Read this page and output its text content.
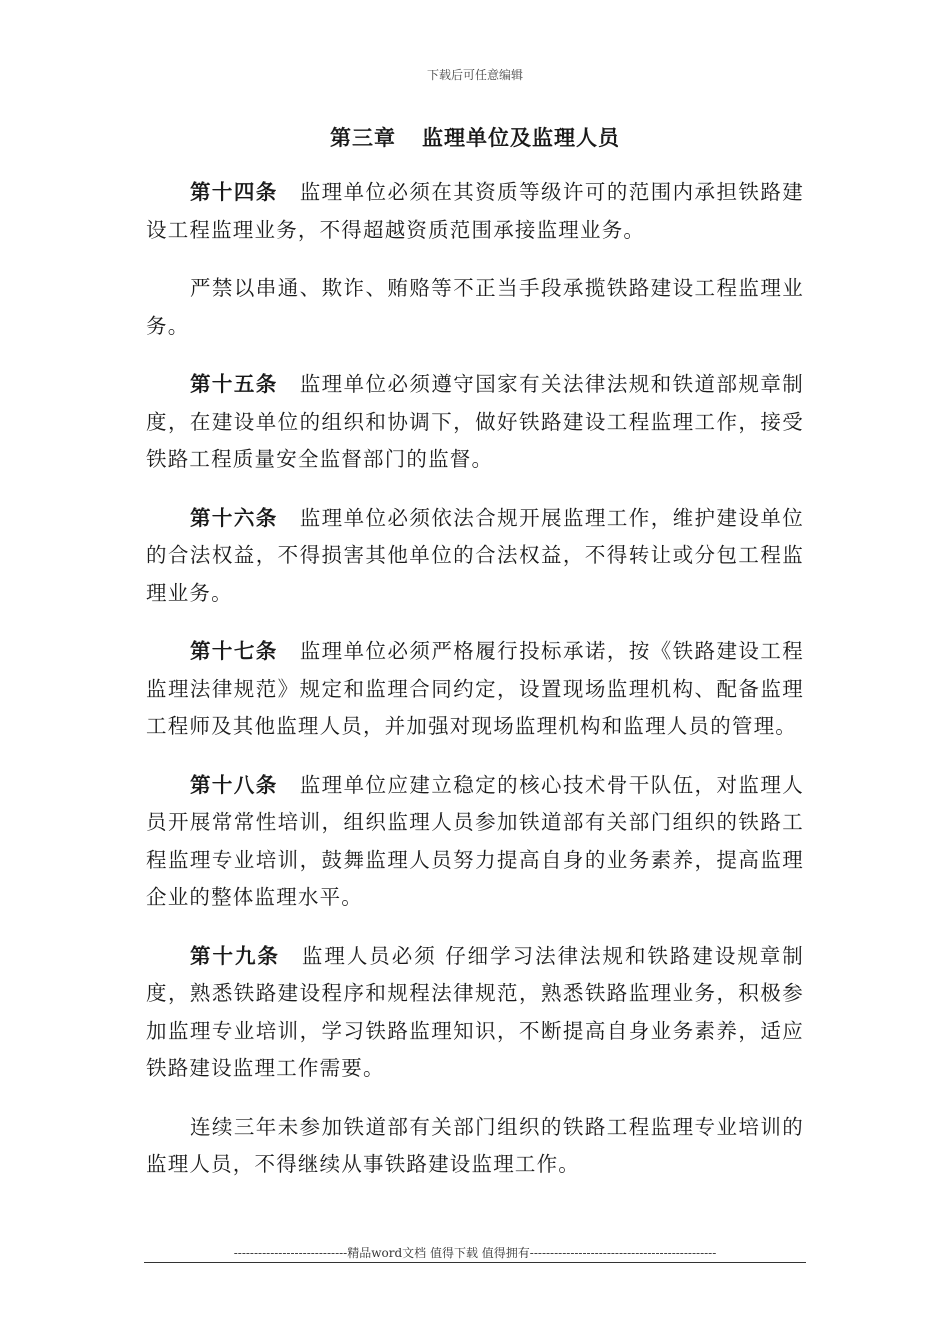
下载后可任意编辑
第三章 监理单位及监理人员

第十四条 监理单位必须在其资质等级许可的范围内承担铁路建设工程监理业务，不得超越资质范围承接监理业务。

严禁以串通、欺诈、贿赂等不正当手段承揽铁路建设工程监理业务。

第十五条 监理单位必须遵守国家有关法律法规和铁道部规章制度，在建设单位的组织和协调下，做好铁路建设工程监理工作，接受铁路工程质量安全监督部门的监督。

第十六条 监理单位必须依法合规开展监理工作，维护建设单位的合法权益，不得损害其他单位的合法权益，不得转让或分包工程监理业务。

第十七条 监理单位必须严格履行投标承诺，按《铁路建设工程监理法律规范》规定和监理合同约定，设置现场监理机构、配备监理工程师及其他监理人员，并加强对现场监理机构和监理人员的管理。

第十八条 监理单位应建立稳定的核心技术骨干队伍，对监理人员开展常常性培训，组织监理人员参加铁道部有关部门组织的铁路工程监理专业培训，鼓舞监理人员努力提高自身的业务素养，提高监理企业的整体监理水平。

第十九条 监理人员必须 仔细学习法律法规和铁路建设规章制度，熟悉铁路建设程序和规程法律规范，熟悉铁路监理业务，积极参加监理专业培训，学习铁路监理知识，不断提高自身业务素养，适应铁路建设监理工作需要。

连续三年未参加铁道部有关部门组织的铁路工程监理专业培训的监理人员，不得继续从事铁路建设监理工作。

----------------------------精品word文档 值得下载 值得拥有----------------------------------------------
